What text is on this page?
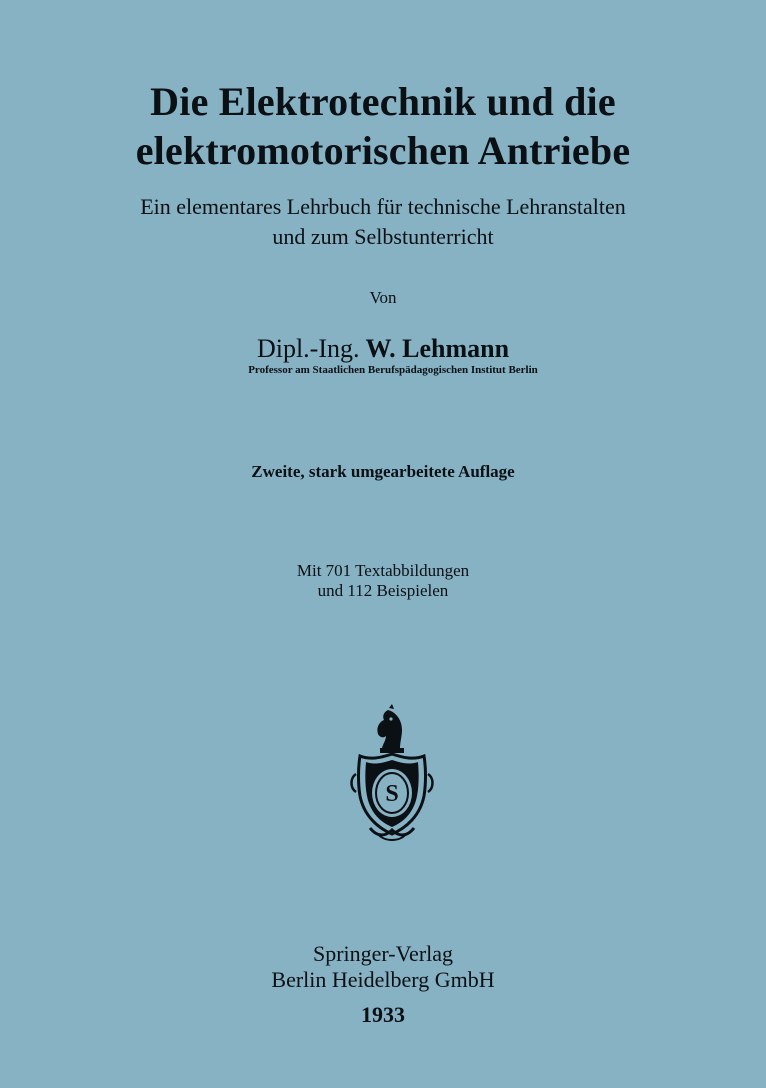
Die Elektrotechnik und die
elektromotorischen Antriebe
Ein elementares Lehrbuch für technische Lehranstalten
und zum Selbstunterricht
Von
Dipl.-Ing. W. Lehmann
Professor am Staatlichen Berufspädagogischen Institut Berlin
Zweite, stark umgearbeitete Auflage
Mit 701 Textabbildungen
und 112 Beispielen
S
Springer-Verlag
Berlin Heidelberg GmbH
1933
